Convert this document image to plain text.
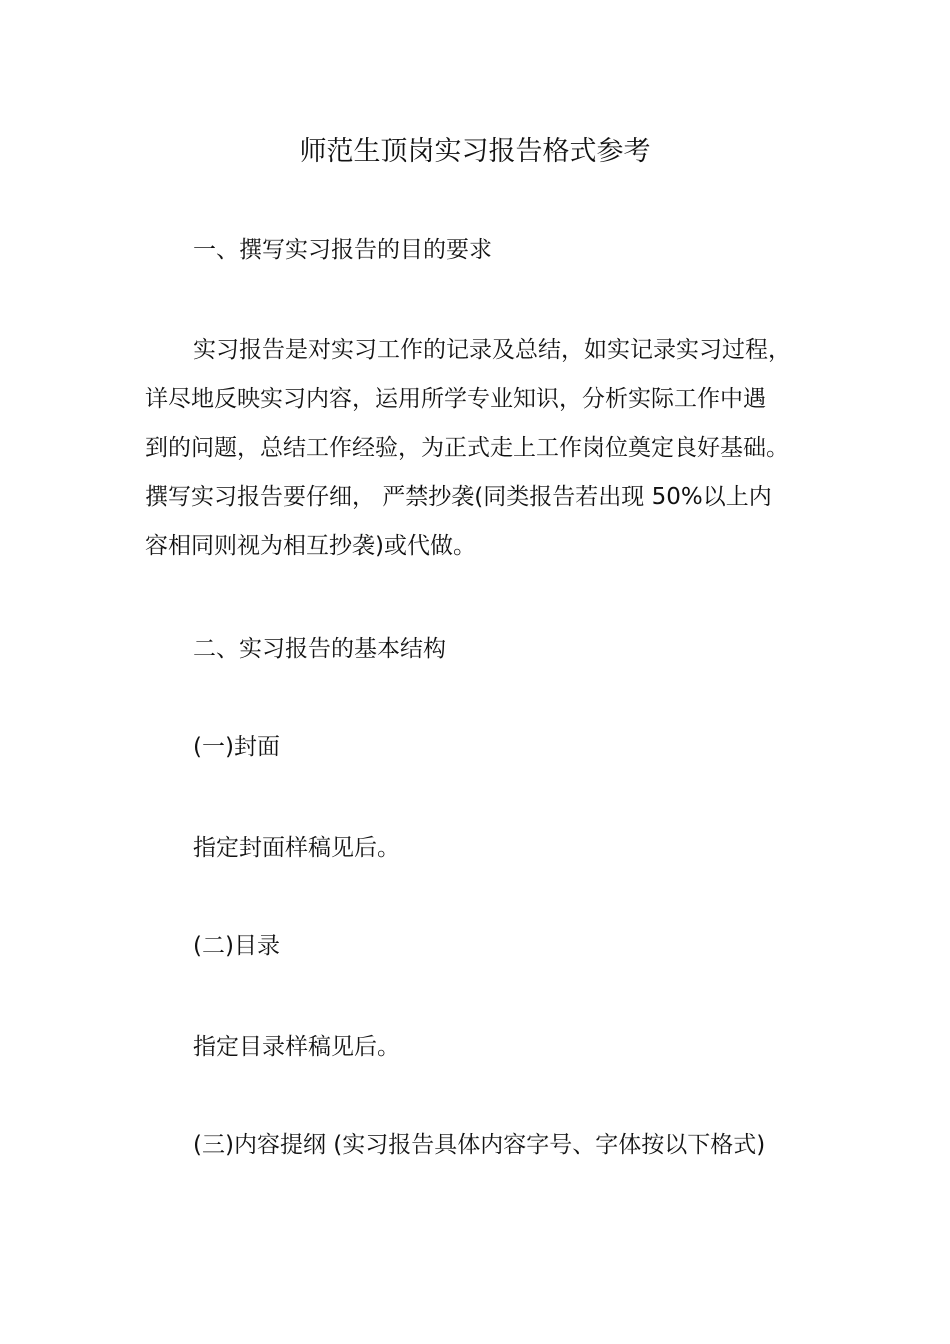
师范生顶岗实习报告格式参考
一、撰写实习报告的目的要求
实习报告是对实习工作的记录及总结，如实记录实习过程，
详尽地反映实习内容，运用所学专业知识，分析实际工作中遇
到的问题，总结工作经验，为正式走上工作岗位奠定良好基础。
撰写实习报告要仔细， 严禁抄袭(同类报告若出现 50%以上内
容相同则视为相互抄袭)或代做。
二、实习报告的基本结构
(一)封面
指定封面样稿见后。
(二)目录
指定目录样稿见后。
(三)内容提纲 (实习报告具体内容字号、字体按以下格式)
